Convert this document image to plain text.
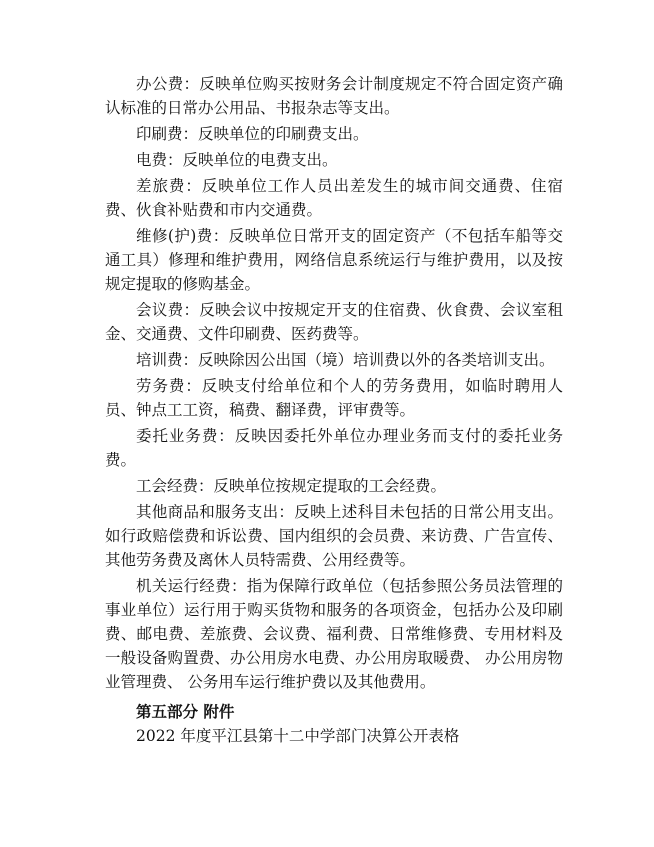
办公费：反映单位购买按财务会计制度规定不符合固定资产确认标准的日常办公用品、书报杂志等支出。

印刷费：反映单位的印刷费支出。

电费：反映单位的电费支出。

差旅费：反映单位工作人员出差发生的城市间交通费、住宿费、伙食补贴费和市内交通费。

维修(护)费：反映单位日常开支的固定资产（不包括车船等交通工具）修理和维护费用，网络信息系统运行与维护费用，以及按规定提取的修购基金。

会议费：反映会议中按规定开支的住宿费、伙食费、会议室租金、交通费、文件印刷费、医药费等。

培训费：反映除因公出国（境）培训费以外的各类培训支出。

劳务费：反映支付给单位和个人的劳务费用，如临时聘用人员、钟点工工资，稿费、翻译费，评审费等。

委托业务费：反映因委托外单位办理业务而支付的委托业务费。

工会经费：反映单位按规定提取的工会经费。

其他商品和服务支出：反映上述科目未包括的日常公用支出。如行政赔偿费和诉讼费、国内组织的会员费、来访费、广告宣传、其他劳务费及离休人员特需费、公用经费等。

机关运行经费：指为保障行政单位（包括参照公务员法管理的事业单位）运行用于购买货物和服务的各项资金，包括办公及印刷费、邮电费、差旅费、会议费、福利费、日常维修费、专用材料及一般设备购置费、办公用房水电费、办公用房取暖费、 办公用房物业管理费、 公务用车运行维护费以及其他费用。

第五部分 附件

2022 年度平江县第十二中学部门决算公开表格
